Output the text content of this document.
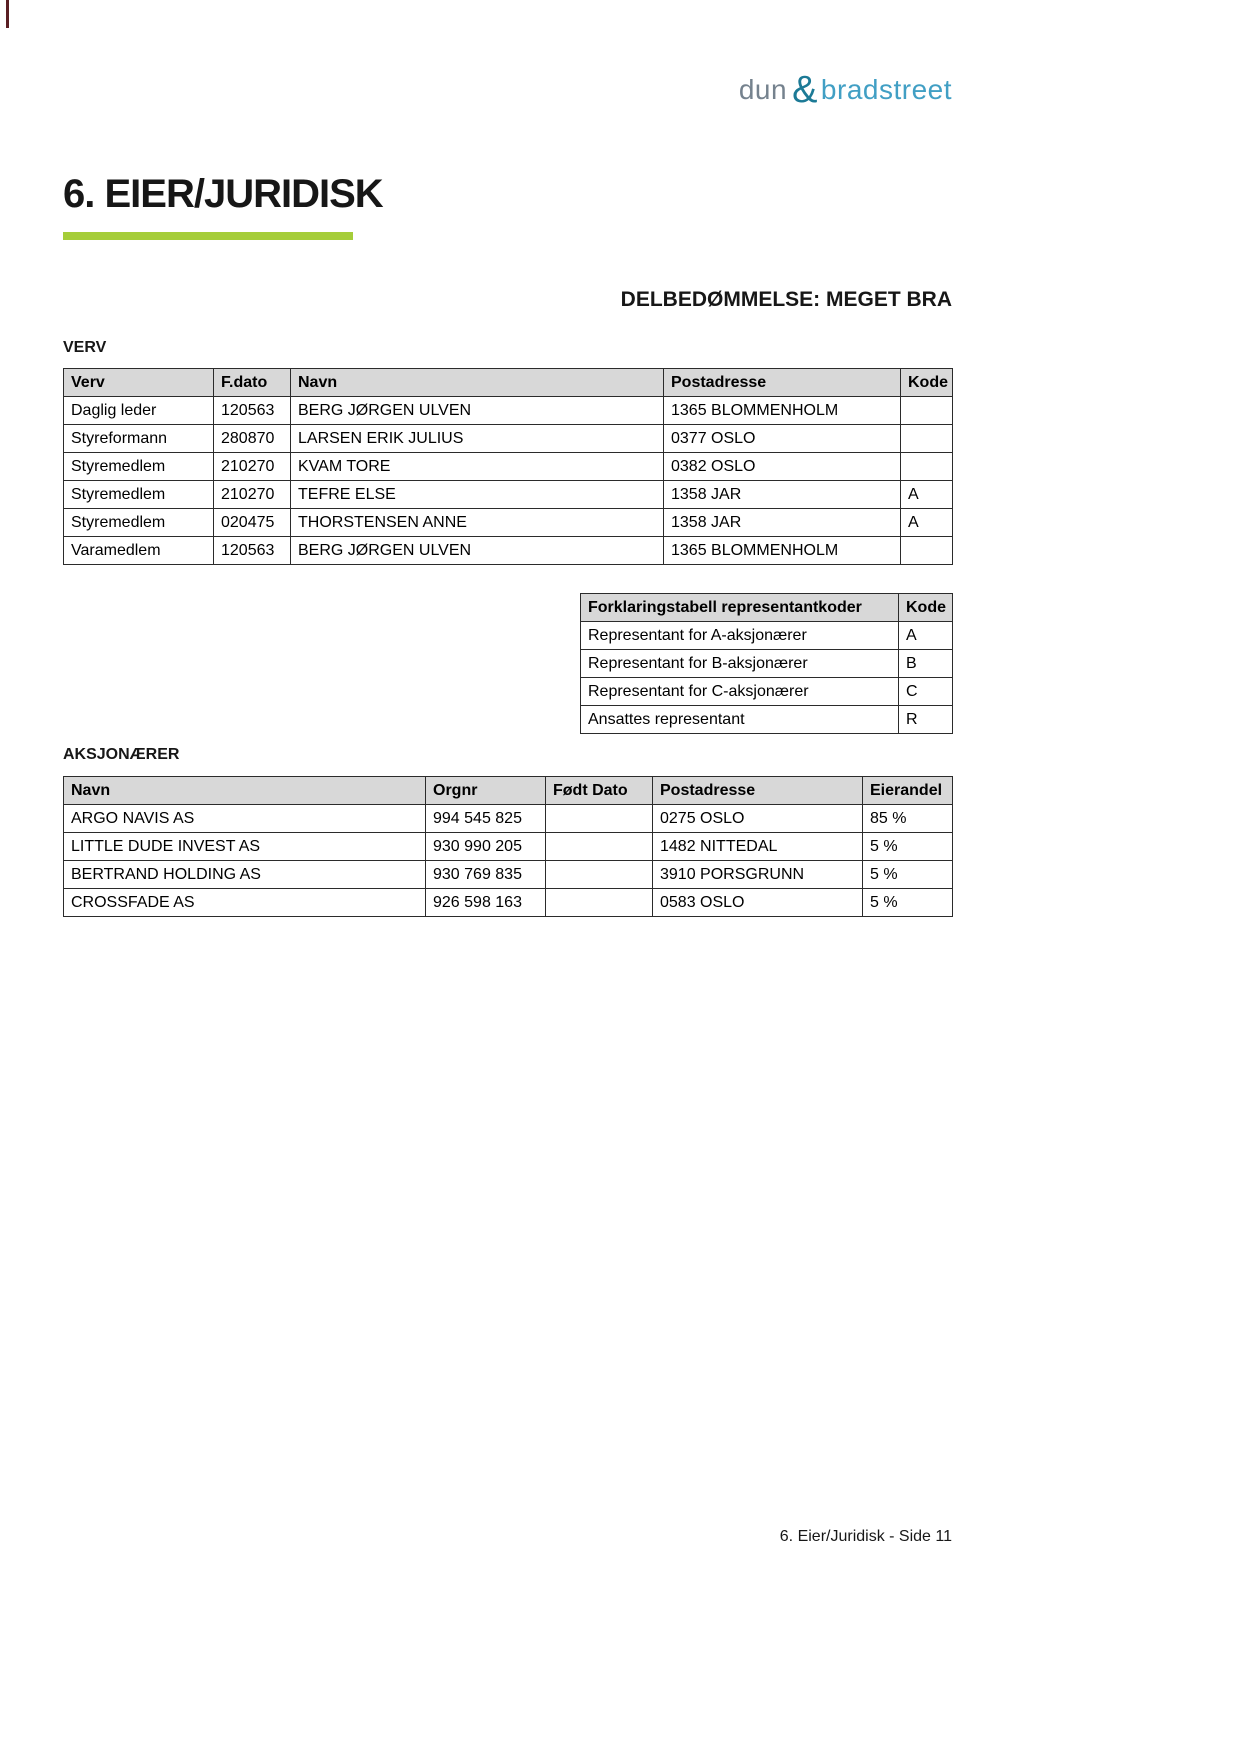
dun & bradstreet
6. EIER/JURIDISK
DELBEDØMMELSE: MEGET BRA
VERV
Verv	F.dato	Navn	Postadresse	Kode
Daglig leder	120563	BERG JØRGEN ULVEN	1365 BLOMMENHOLM	
Styreformann	280870	LARSEN ERIK JULIUS	0377 OSLO	
Styremedlem	210270	KVAM TORE	0382 OSLO	
Styremedlem	210270	TEFRE ELSE	1358 JAR	A
Styremedlem	020475	THORSTENSEN ANNE	1358 JAR	A
Varamedlem	120563	BERG JØRGEN ULVEN	1365 BLOMMENHOLM	
Forklaringstabell representantkoder	Kode
Representant for A-aksjonærer	A
Representant for B-aksjonærer	B
Representant for C-aksjonærer	C
Ansattes representant	R
AKSJONÆRER
Navn	Orgnr	Født Dato	Postadresse	Eierandel
ARGO NAVIS AS	994 545 825		0275 OSLO	85 %
LITTLE DUDE INVEST AS	930 990 205		1482 NITTEDAL	5 %
BERTRAND HOLDING AS	930 769 835		3910 PORSGRUNN	5 %
CROSSFADE AS	926 598 163		0583 OSLO	5 %
6. Eier/Juridisk - Side 11
